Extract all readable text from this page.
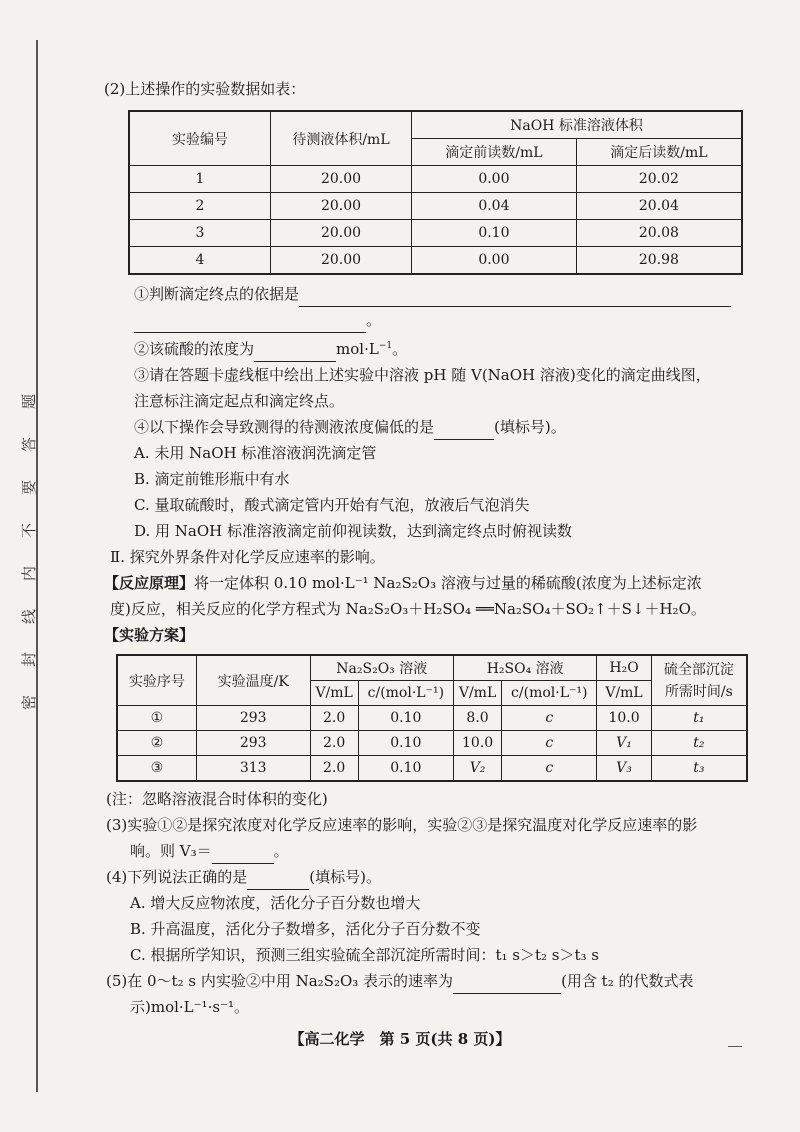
题
答
要
不
内
线
封
密

(2)上述操作的实验数据如表：

实验编号	待测液体积/mL	NaOH 标准溶液体积	
		滴定前读数/mL	滴定后读数/mL
1	20.00	0.00	20.02
2	20.00	0.04	20.04
3	20.00	0.10	20.08
4	20.00	0.00	20.98

①判断滴定终点的依据是

。

②该硫酸的浓度为	$mol\cdot L^{-1}$。

③请在答题卡虚线框中绘出上述实验中溶液 pH 随 V(NaOH 溶液)变化的滴定曲线图，

注意标注滴定起点和滴定终点。

④以下操作会导致测得的待测液浓度偏低的是	(填标号)。

A. 未用 NaOH 标准溶液润洗滴定管

B. 滴定前锥形瓶中有水

C. 量取硫酸时，酸式滴定管内开始有气泡，放液后气泡消失

D. 用 NaOH 标准溶液滴定前仰视读数，达到滴定终点时俯视读数

Ⅱ. 探究外界条件对化学反应速率的影响。

【反应原理】将一定体积 0.10 mol·L⁻¹ Na₂S₂O₃ 溶液与过量的稀硫酸(浓度为上述标定浓

度)反应，相关反应的化学方程式为 Na₂S₂O₃＋H₂SO₄ ══Na₂SO₄＋SO₂↑＋S↓＋H₂O。

【实验方案】

实验序号	实验温度/K	Na₂S₂O₃ 溶液		H₂SO₄ 溶液		H₂O	硫全部沉淀
所需时间/s
		V/mL	c/(mol·L⁻¹)	V/mL	c/(mol·L⁻¹)	V/mL	
①	293	2.0	0.10	8.0	c	10.0	t₁
②	293	2.0	0.10	10.0	c	V₁	t₂
③	313	2.0	0.10	V₂	c	V₃	t₃

(注：忽略溶液混合时体积的变化)

(3)实验①②是探究浓度对化学反应速率的影响，实验②③是探究温度对化学反应速率的影

响。则 V₃＝	。

(4)下列说法正确的是	(填标号)。

A. 增大反应物浓度，活化分子百分数也增大

B. 升高温度，活化分子数增多，活化分子百分数不变

C. 根据所学知识，预测三组实验硫全部沉淀所需时间：t₁ s＞t₂ s＞t₃ s

(5)在 0～t₂ s 内实验②中用 Na₂S₂O₃ 表示的速率为	(用含 t₂ 的代数式表

示)mol·L⁻¹·s⁻¹。

【高二化学　第 5 页(共 8 页)】
